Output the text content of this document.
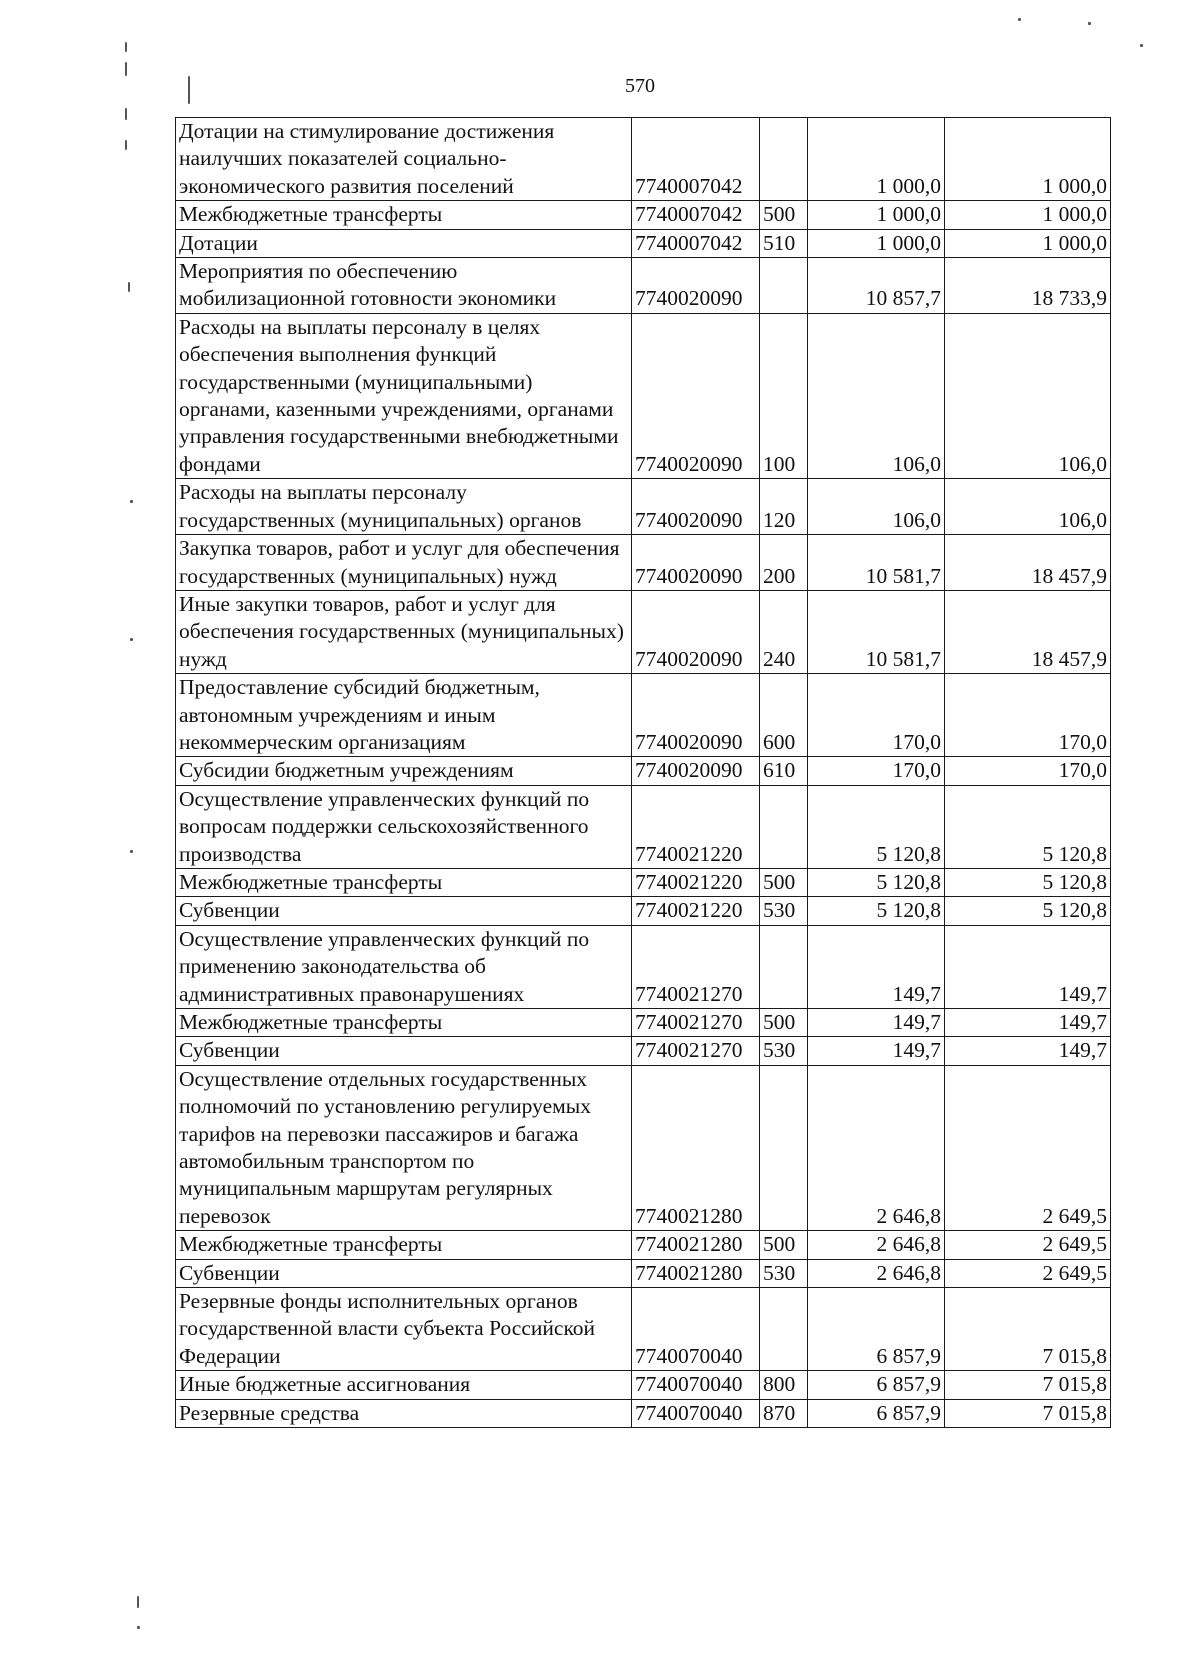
570
Дотации на стимулирование достижения наилучших показателей социально-экономического развития поселений	7740007042		1 000,0	1 000,0
Межбюджетные трансферты	7740007042	500	1 000,0	1 000,0
Дотации	7740007042	510	1 000,0	1 000,0
Мероприятия по обеспечению мобилизационной готовности экономики	7740020090		10 857,7	18 733,9
Расходы на выплаты персоналу в целях обеспечения выполнения функций государственными (муниципальными) органами, казенными учреждениями, органами управления государственными внебюджетными фондами	7740020090	100	106,0	106,0
Расходы на выплаты персоналу государственных (муниципальных) органов	7740020090	120	106,0	106,0
Закупка товаров, работ и услуг для обеспечения государственных (муниципальных) нужд	7740020090	200	10 581,7	18 457,9
Иные закупки товаров, работ и услуг для обеспечения государственных (муниципальных) нужд	7740020090	240	10 581,7	18 457,9
Предоставление субсидий бюджетным, автономным учреждениям и иным некоммерческим организациям	7740020090	600	170,0	170,0
Субсидии бюджетным учреждениям	7740020090	610	170,0	170,0
Осуществление управленческих функций по вопросам поддержки сельскохозяйственного производства	7740021220		5 120,8	5 120,8
Межбюджетные трансферты	7740021220	500	5 120,8	5 120,8
Субвенции	7740021220	530	5 120,8	5 120,8
Осуществление управленческих функций по применению законодательства об административных правонарушениях	7740021270		149,7	149,7
Межбюджетные трансферты	7740021270	500	149,7	149,7
Субвенции	7740021270	530	149,7	149,7
Осуществление отдельных государственных полномочий по установлению регулируемых тарифов на перевозки пассажиров и багажа автомобильным транспортом по муниципальным маршрутам регулярных перевозок	7740021280		2 646,8	2 649,5
Межбюджетные трансферты	7740021280	500	2 646,8	2 649,5
Субвенции	7740021280	530	2 646,8	2 649,5
Резервные фонды исполнительных органов государственной власти субъекта Российской Федерации	7740070040		6 857,9	7 015,8
Иные бюджетные ассигнования	7740070040	800	6 857,9	7 015,8
Резервные средства	7740070040	870	6 857,9	7 015,8
